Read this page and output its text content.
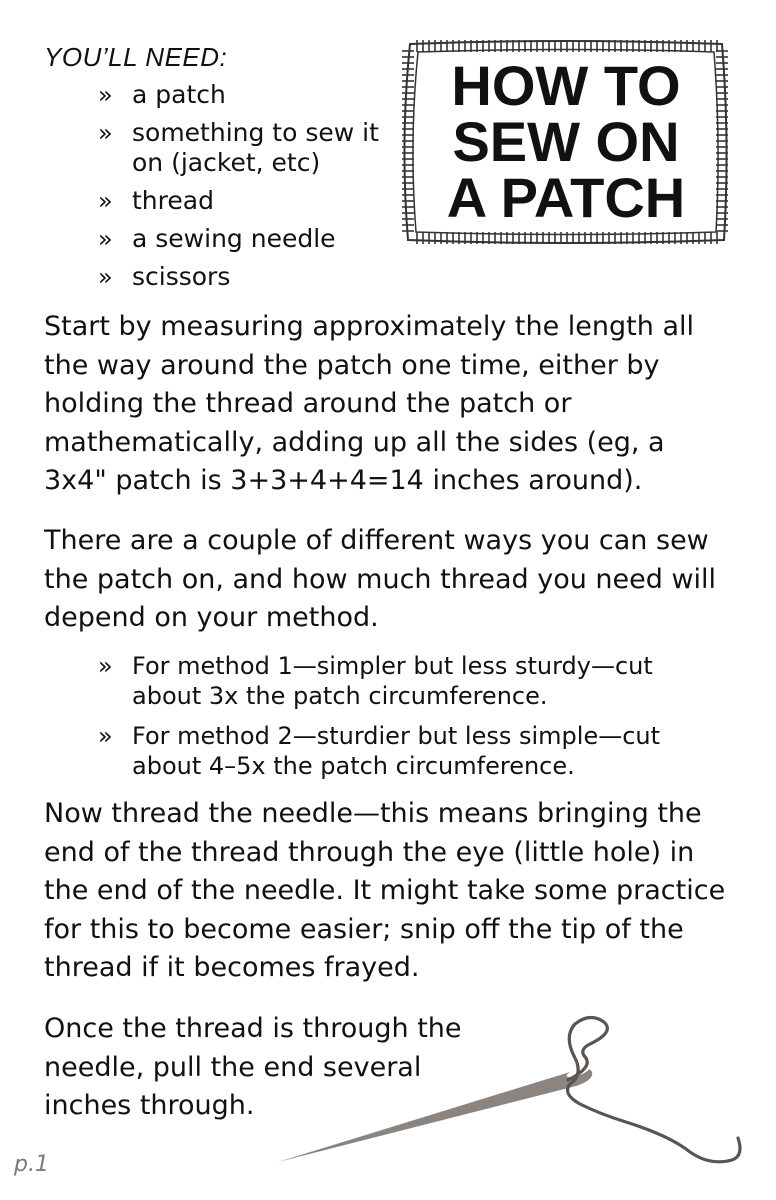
YOU’LL NEED:
» a patch
» something to sew it on (jacket, etc)
» thread
» a sewing needle
» scissors
HOW TO
SEW ON
A PATCH

Start by measuring approximately the length all the way around the patch one time, either by holding the thread around the patch or mathematically, adding up all the sides (eg, a 3x4" patch is 3+3+4+4=14 inches around).

There are a couple of different ways you can sew the patch on, and how much thread you need will depend on your method.

» For method 1—simpler but less sturdy—cut about 3x the patch circumference.
» For method 2—sturdier but less simple—cut about 4–5x the patch circumference.

Now thread the needle—this means bringing the end of the thread through the eye (little hole) in the end of the needle. It might take some practice for this to become easier; snip off the tip of the thread if it becomes frayed.

Once the thread is through the needle, pull the end several inches through.

p.1
